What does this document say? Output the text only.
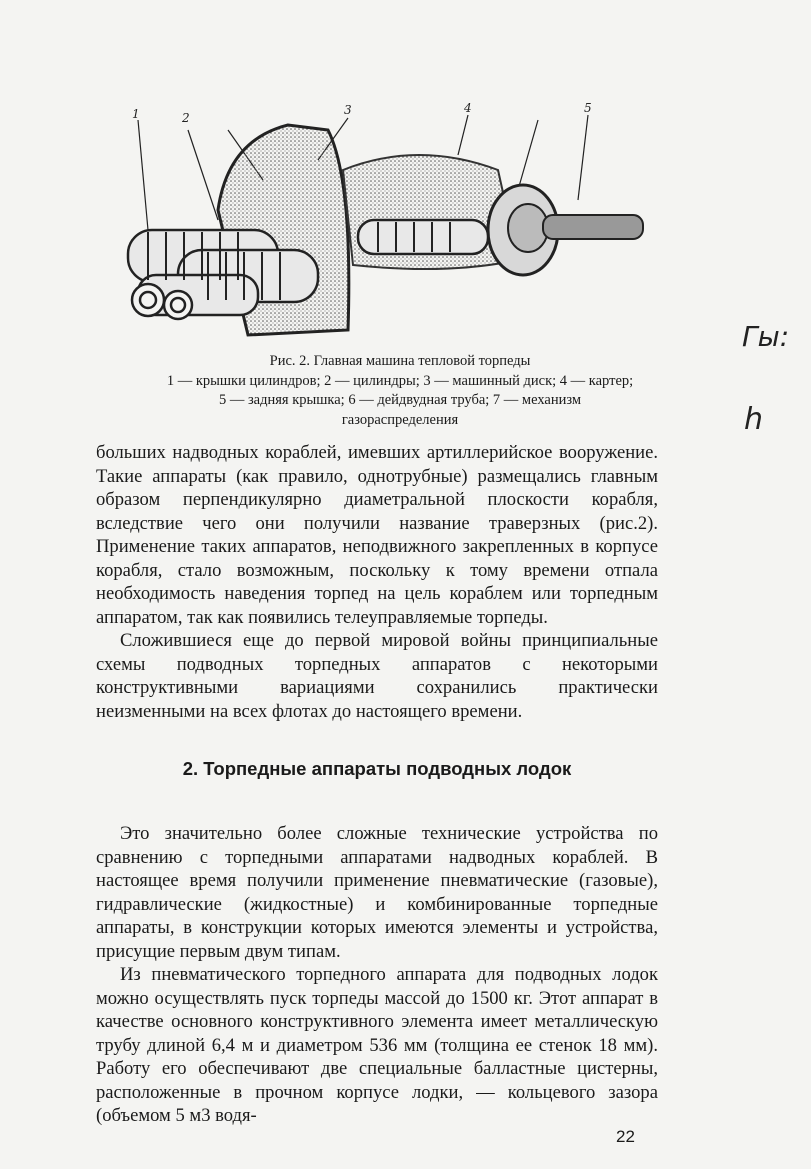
1	2
3	4	5
Рис. 2. Главная машина тепловой торпеды
1 — крышки цилиндров; 2 — цилиндры; 3 — машинный диск; 4 — картер;
5 — задняя крышка; 6 — дейдвудная труба; 7 — механизм
газораспределения

больших надводных кораблей, имевших артиллерийское вооружение. Такие аппараты (как правило, однотрубные) размещались главным образом перпендикулярно диаметральной плоскости корабля, вследствие чего они получили название траверзных (рис.2). Применение таких аппаратов, неподвижного закрепленных в корпусе корабля, стало возможным, поскольку к тому времени отпала необходимость наведения торпед на цель кораблем или торпедным аппаратом, так как появились телеуправляемые торпеды.

Сложившиеся еще до первой мировой войны принципиальные схемы подводных торпедных аппаратов с некоторыми конструктивными вариациями сохранились практически неизменными на всех флотах до настоящего времени.

2. Торпедные аппараты подводных лодок

Это значительно более сложные технические устройства по сравнению с торпедными аппаратами надводных кораблей. В настоящее время получили применение пневматические (газовые), гидравлические (жидкостные) и комбинированные торпедные аппараты, в конструкции которых имеются элементы и устройства, присущие первым двум типам.

Из пневматического торпедного аппарата для подводных лодок можно осуществлять пуск торпеды массой до 1500 кг. Этот аппарат в качестве основного конструктивного элемента имеет металлическую трубу длиной 6,4 м и диаметром 536 мм (толщина ее стенок 18 мм). Работу его обеспечивают две специальные балластные цистерны, расположенные в прочном корпусе лодки, — кольцевого зазора (объемом 5 м3 водя-

22
Гы:
h
